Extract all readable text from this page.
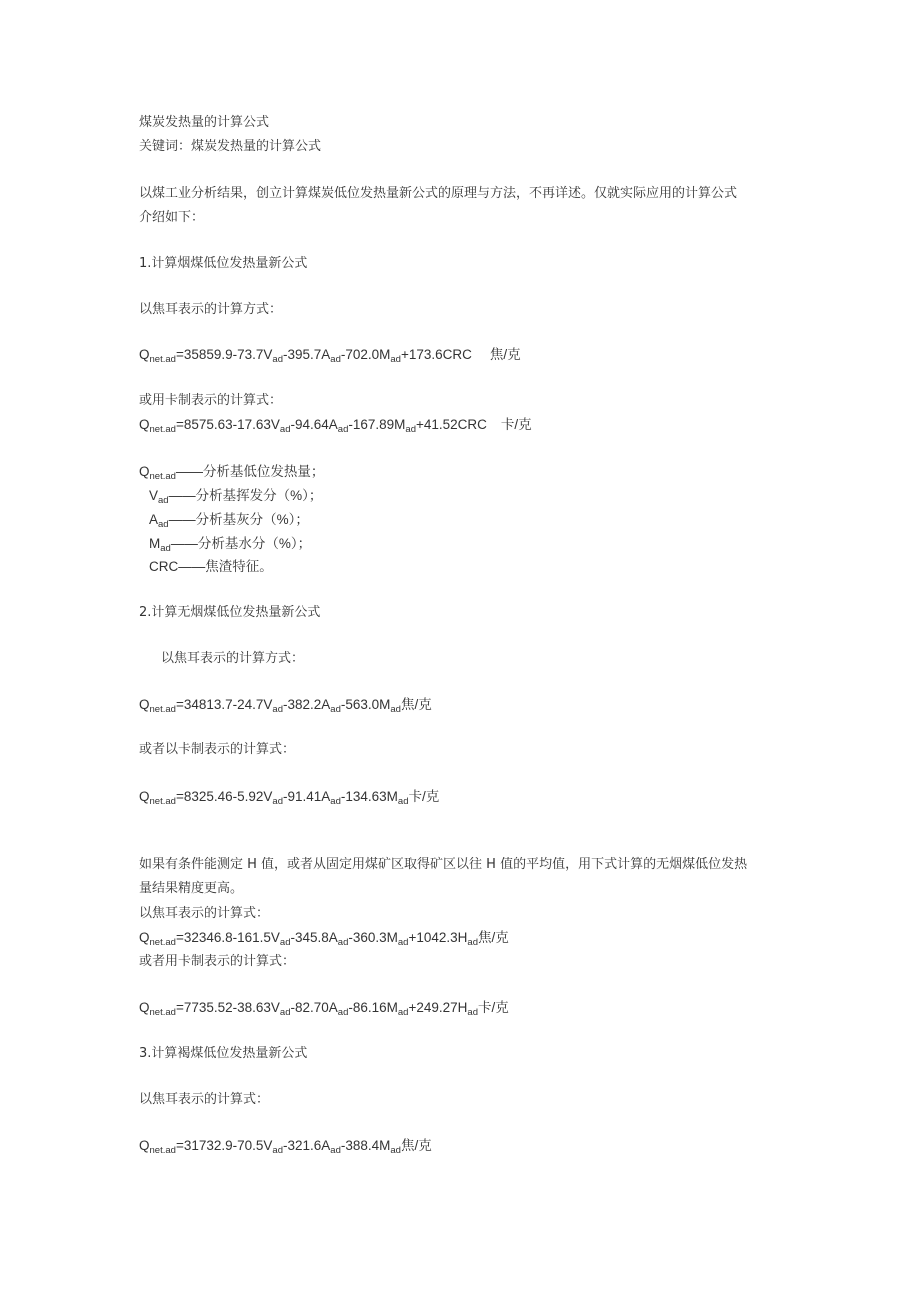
煤炭发热量的计算公式
关键词：煤炭发热量的计算公式
以煤工业分析结果，创立计算煤炭低位发热量新公式的原理与方法，不再详述。仅就实际应用的计算公式
介绍如下：
1.计算烟煤低位发热量新公式
以焦耳表示的计算方式：
$Q_{net.ad}=35859.9-73.7V_{ad}-395.7A_{ad}-702.0M_{ad}+173.6CRC$ 焦/克
或用卡制表示的计算式：
$Q_{net.ad}=8575.63-17.63V_{ad}-94.64A_{ad}-167.89M_{ad}+41.52CRC$ 卡/克
$Q_{net.ad}——$分析基低位发热量；
$V_{ad}——$分析基挥发分（%）；
$A_{ad}——$分析基灰分（%）；
$M_{ad}——$分析基水分（%）；
CRC——焦渣特征。
2.计算无烟煤低位发热量新公式
以焦耳表示的计算方式：
$Q_{net.ad}=34813.7-24.7V_{ad}-382.2A_{ad}-563.0M_{ad}$焦/克
或者以卡制表示的计算式：
$Q_{net.ad}=8325.46-5.92V_{ad}-91.41A_{ad}-134.63M_{ad}$卡/克
如果有条件能测定 H 值，或者从固定用煤矿区取得矿区以往 H 值的平均值，用下式计算的无烟煤低位发热
量结果精度更高。
以焦耳表示的计算式：
$Q_{net.ad}=32346.8-161.5V_{ad}-345.8A_{ad}-360.3M_{ad}+1042.3H_{ad}$焦/克
或者用卡制表示的计算式：
$Q_{net.ad}=7735.52-38.63V_{ad}-82.70A_{ad}-86.16M_{ad}+249.27H_{ad}$卡/克
3.计算褐煤低位发热量新公式
以焦耳表示的计算式：
$Q_{net.ad}=31732.9-70.5V_{ad}-321.6A_{ad}-388.4M_{ad}$焦/克
